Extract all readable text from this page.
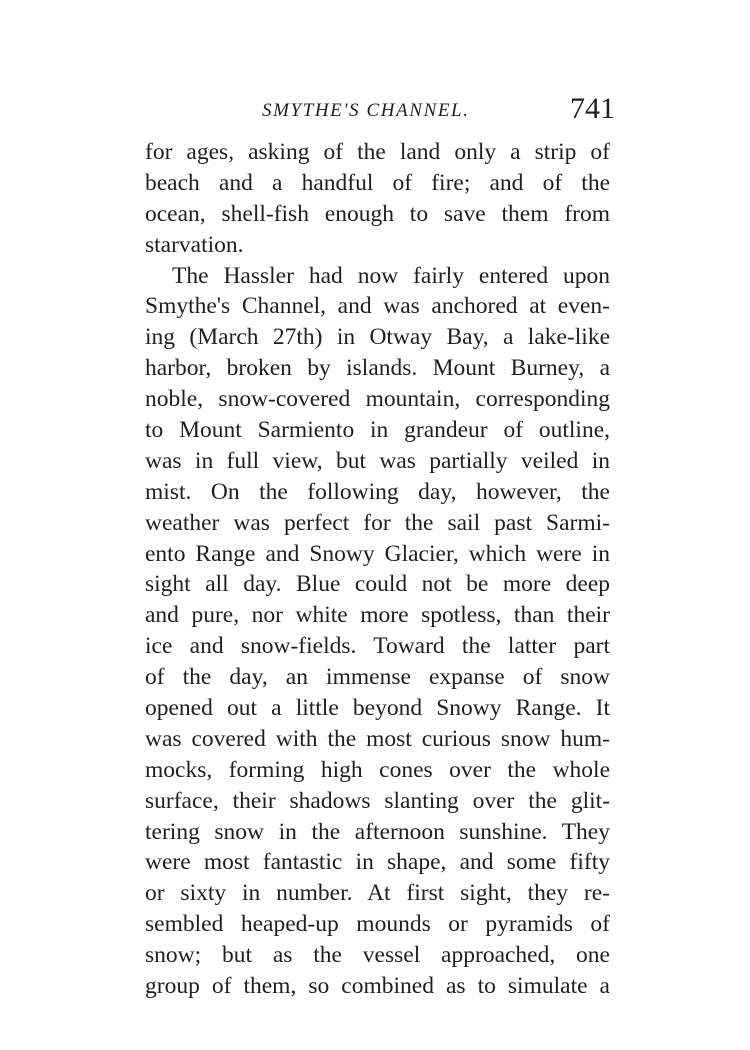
SMYTHE'S CHANNEL.	741
for ages, asking of the land only a strip of
beach and a handful of fire; and of the
ocean, shell-fish enough to save them from
starvation.
The Hassler had now fairly entered upon
Smythe's Channel, and was anchored at even-
ing (March 27th) in Otway Bay, a lake-like
harbor, broken by islands. Mount Burney, a
noble, snow-covered mountain, corresponding
to Mount Sarmiento in grandeur of outline,
was in full view, but was partially veiled in
mist. On the following day, however, the
weather was perfect for the sail past Sarmi-
ento Range and Snowy Glacier, which were in
sight all day. Blue could not be more deep
and pure, nor white more spotless, than their
ice and snow-fields. Toward the latter part
of the day, an immense expanse of snow
opened out a little beyond Snowy Range. It
was covered with the most curious snow hum-
mocks, forming high cones over the whole
surface, their shadows slanting over the glit-
tering snow in the afternoon sunshine. They
were most fantastic in shape, and some fifty
or sixty in number. At first sight, they re-
sembled heaped-up mounds or pyramids of
snow; but as the vessel approached, one
group of them, so combined as to simulate a
